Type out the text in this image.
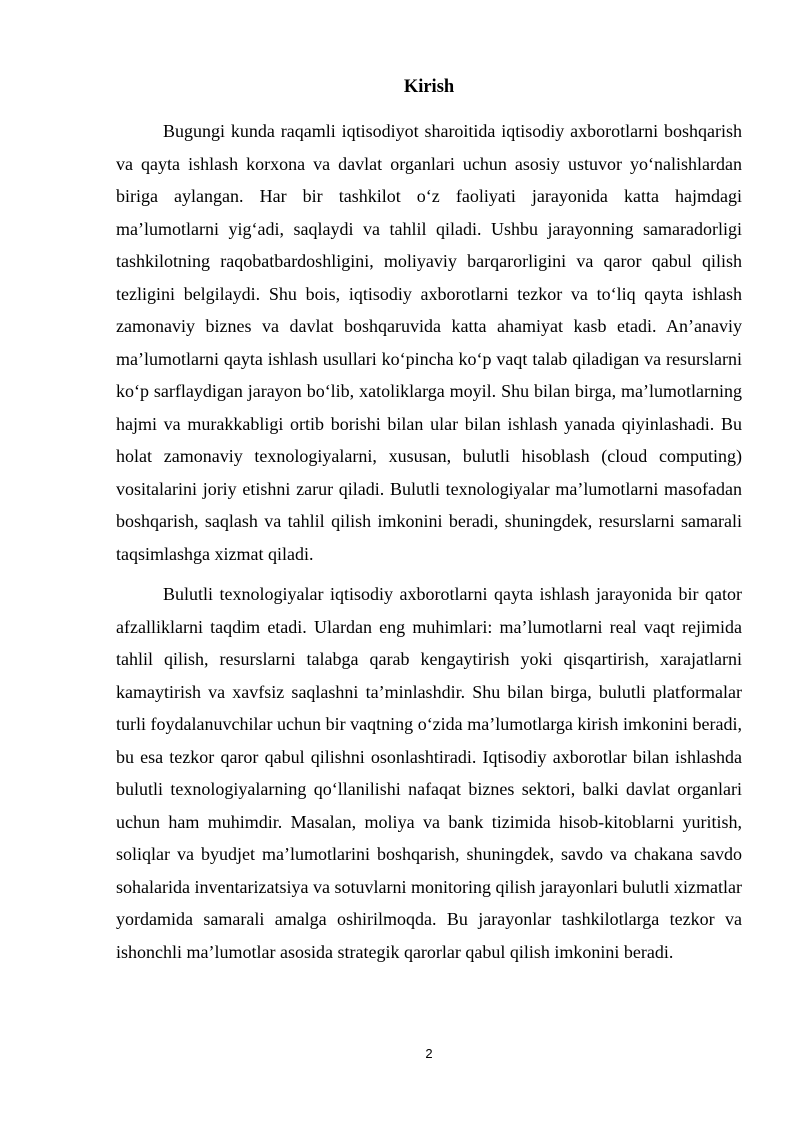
Kirish

Bugungi kunda raqamli iqtisodiyot sharoitida iqtisodiy axborotlarni boshqarish va qayta ishlash korxona va davlat organlari uchun asosiy ustuvor yo‘nalishlardan biriga aylangan. Har bir tashkilot o‘z faoliyati jarayonida katta hajmdagi ma’lumotlarni yig‘adi, saqlaydi va tahlil qiladi. Ushbu jarayonning samaradorligi tashkilotning raqobatbardoshligini, moliyaviy barqarorligini va qaror qabul qilish tezligini belgilaydi. Shu bois, iqtisodiy axborotlarni tezkor va to‘liq qayta ishlash zamonaviy biznes va davlat boshqaruvida katta ahamiyat kasb etadi. An’anaviy ma’lumotlarni qayta ishlash usullari ko‘pincha ko‘p vaqt talab qiladigan va resurslarni ko‘p sarflaydigan jarayon bo‘lib, xatoliklarga moyil. Shu bilan birga, ma’lumotlarning hajmi va murakkabligi ortib borishi bilan ular bilan ishlash yanada qiyinlashadi. Bu holat zamonaviy texnologiyalarni, xususan, bulutli hisoblash (cloud computing) vositalarini joriy etishni zarur qiladi. Bulutli texnologiyalar ma’lumotlarni masofadan boshqarish, saqlash va tahlil qilish imkonini beradi, shuningdek, resurslarni samarali taqsimlashga xizmat qiladi.

Bulutli texnologiyalar iqtisodiy axborotlarni qayta ishlash jarayonida bir qator afzalliklarni taqdim etadi. Ulardan eng muhimlari: ma’lumotlarni real vaqt rejimida tahlil qilish, resurslarni talabga qarab kengaytirish yoki qisqartirish, xarajatlarni kamaytirish va xavfsiz saqlashni ta’minlashdir. Shu bilan birga, bulutli platformalar turli foydalanuvchilar uchun bir vaqtning o‘zida ma’lumotlarga kirish imkonini beradi, bu esa tezkor qaror qabul qilishni osonlashtiradi. Iqtisodiy axborotlar bilan ishlashda bulutli texnologiyalarning qo‘llanilishi nafaqat biznes sektori, balki davlat organlari uchun ham muhimdir. Masalan, moliya va bank tizimida hisob-kitoblarni yuritish, soliqlar va byudjet ma’lumotlarini boshqarish, shuningdek, savdo va chakana savdo sohalarida inventarizatsiya va sotuvlarni monitoring qilish jarayonlari bulutli xizmatlar yordamida samarali amalga oshirilmoqda. Bu jarayonlar tashkilotlarga tezkor va ishonchli ma’lumotlar asosida strategik qarorlar qabul qilish imkonini beradi.

2
